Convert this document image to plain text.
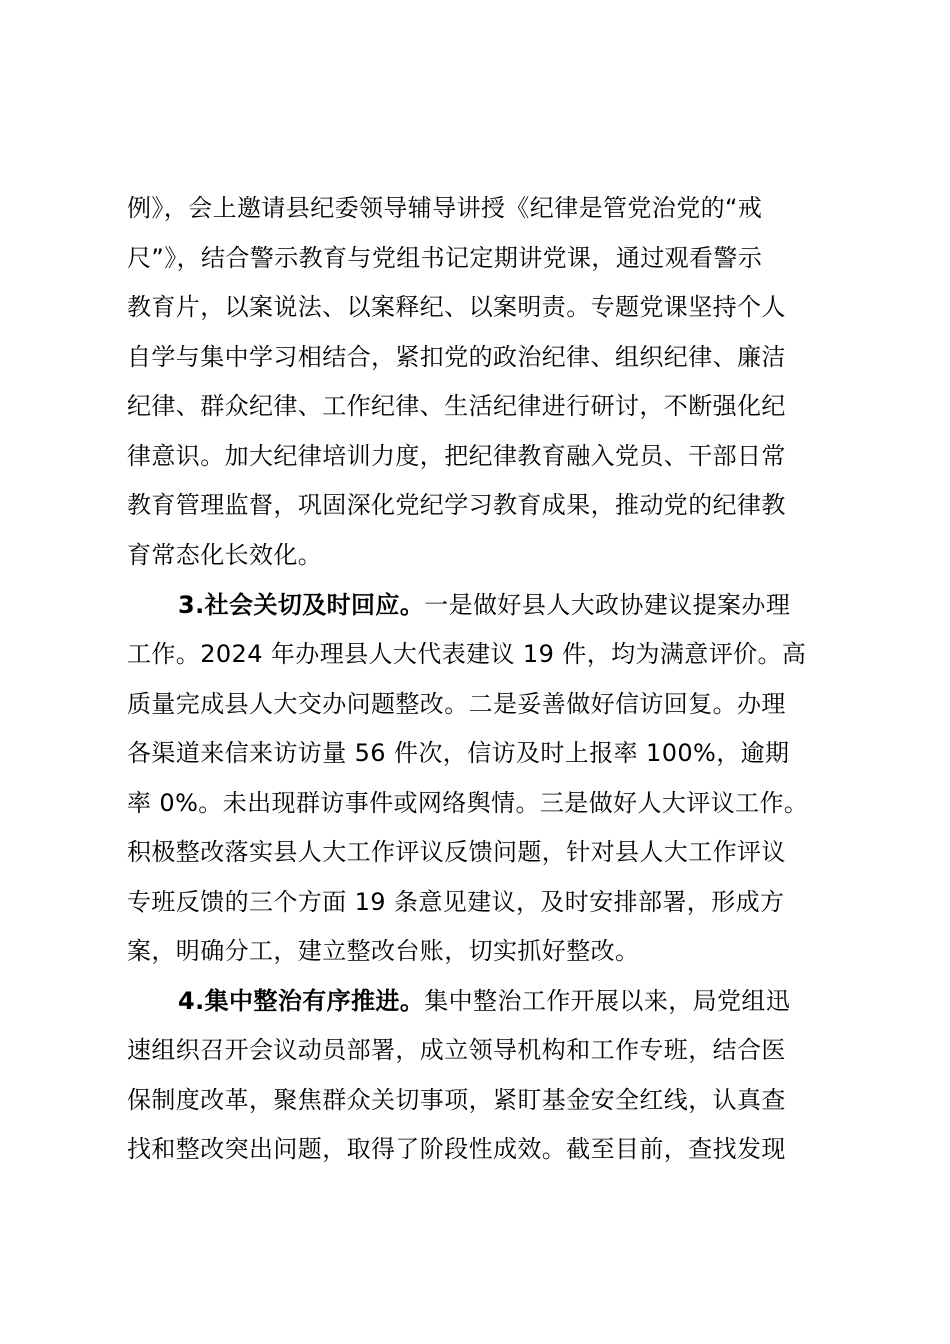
例》，会上邀请县纪委领导辅导讲授《纪律是管党治党的“戒
尺”》，结合警示教育与党组书记定期讲党课，通过观看警示
教育片，以案说法、以案释纪、以案明责。专题党课坚持个人
自学与集中学习相结合，紧扣党的政治纪律、组织纪律、廉洁
纪律、群众纪律、工作纪律、生活纪律进行研讨，不断强化纪
律意识。加大纪律培训力度，把纪律教育融入党员、干部日常
教育管理监督，巩固深化党纪学习教育成果，推动党的纪律教
育常态化长效化。
3.社会关切及时回应。一是做好县人大政协建议提案办理
工作。2024 年办理县人大代表建议 19 件，均为满意评价。高
质量完成县人大交办问题整改。二是妥善做好信访回复。办理
各渠道来信来访访量 56 件次，信访及时上报率 100%，逾期
率 0%。未出现群访事件或网络舆情。三是做好人大评议工作。
积极整改落实县人大工作评议反馈问题，针对县人大工作评议
专班反馈的三个方面 19 条意见建议，及时安排部署，形成方
案，明确分工，建立整改台账，切实抓好整改。
4.集中整治有序推进。集中整治工作开展以来，局党组迅
速组织召开会议动员部署，成立领导机构和工作专班，结合医
保制度改革，聚焦群众关切事项，紧盯基金安全红线，认真查
找和整改突出问题，取得了阶段性成效。截至目前，查找发现
